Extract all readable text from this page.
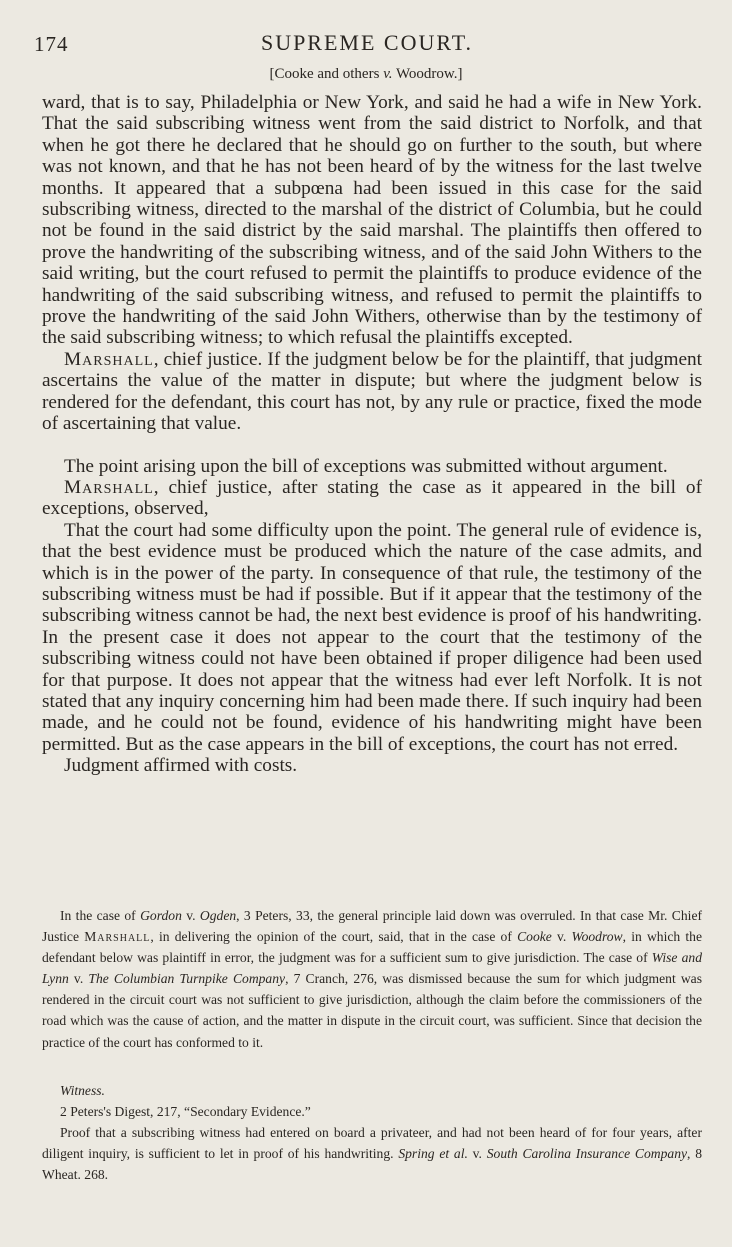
174	SUPREME COURT.
[Cooke and others v. Woodrow.]

ward, that is to say, Philadelphia or New York, and said he had a wife in New York. That the said subscribing witness went from the said district to Norfolk, and that when he got there he declared that he should go on further to the south, but where was not known, and that he has not been heard of by the witness for the last twelve months. It appeared that a subpœna had been issued in this case for the said subscribing witness, directed to the marshal of the district of Columbia, but he could not be found in the said district by the said marshal. The plaintiffs then offered to prove the handwriting of the subscribing witness, and of the said John Withers to the said writing, but the court refused to permit the plaintiffs to produce evidence of the handwriting of the said subscribing witness, and refused to permit the plaintiffs to prove the handwriting of the said John Withers, otherwise than by the testimony of the said subscribing witness; to which refusal the plaintiffs excepted.

Marshall, chief justice. If the judgment below be for the plaintiff, that judgment ascertains the value of the matter in dispute; but where the judgment below is rendered for the defendant, this court has not, by any rule or practice, fixed the mode of ascertaining that value.

The point arising upon the bill of exceptions was submitted without argument.

Marshall, chief justice, after stating the case as it appeared in the bill of exceptions, observed,

That the court had some difficulty upon the point. The general rule of evidence is, that the best evidence must be produced which the nature of the case admits, and which is in the power of the party. In consequence of that rule, the testimony of the subscribing witness must be had if possible. But if it appear that the testimony of the subscribing witness cannot be had, the next best evidence is proof of his handwriting. In the present case it does not appear to the court that the testimony of the subscribing witness could not have been obtained if proper diligence had been used for that purpose. It does not appear that the witness had ever left Norfolk. It is not stated that any inquiry concerning him had been made there. If such inquiry had been made, and he could not be found, evidence of his handwriting might have been permitted. But as the case appears in the bill of exceptions, the court has not erred.

Judgment affirmed with costs.

In the case of Gordon v. Ogden, 3 Peters, 33, the general principle laid down was overruled. In that case Mr. Chief Justice Marshall, in delivering the opinion of the court, said, that in the case of Cooke v. Woodrow, in which the defendant below was plaintiff in error, the judgment was for a sufficient sum to give jurisdiction. The case of Wise and Lynn v. The Columbian Turnpike Company, 7 Cranch, 276, was dismissed because the sum for which judgment was rendered in the circuit court was not sufficient to give jurisdiction, although the claim before the commissioners of the road which was the cause of action, and the matter in dispute in the circuit court, was sufficient. Since that decision the practice of the court has conformed to it.

Witness.

2 Peters's Digest, 217, “Secondary Evidence.”

Proof that a subscribing witness had entered on board a privateer, and had not been heard of for four years, after diligent inquiry, is sufficient to let in proof of his handwriting. Spring et al. v. South Carolina Insurance Company, 8 Wheat. 268.
